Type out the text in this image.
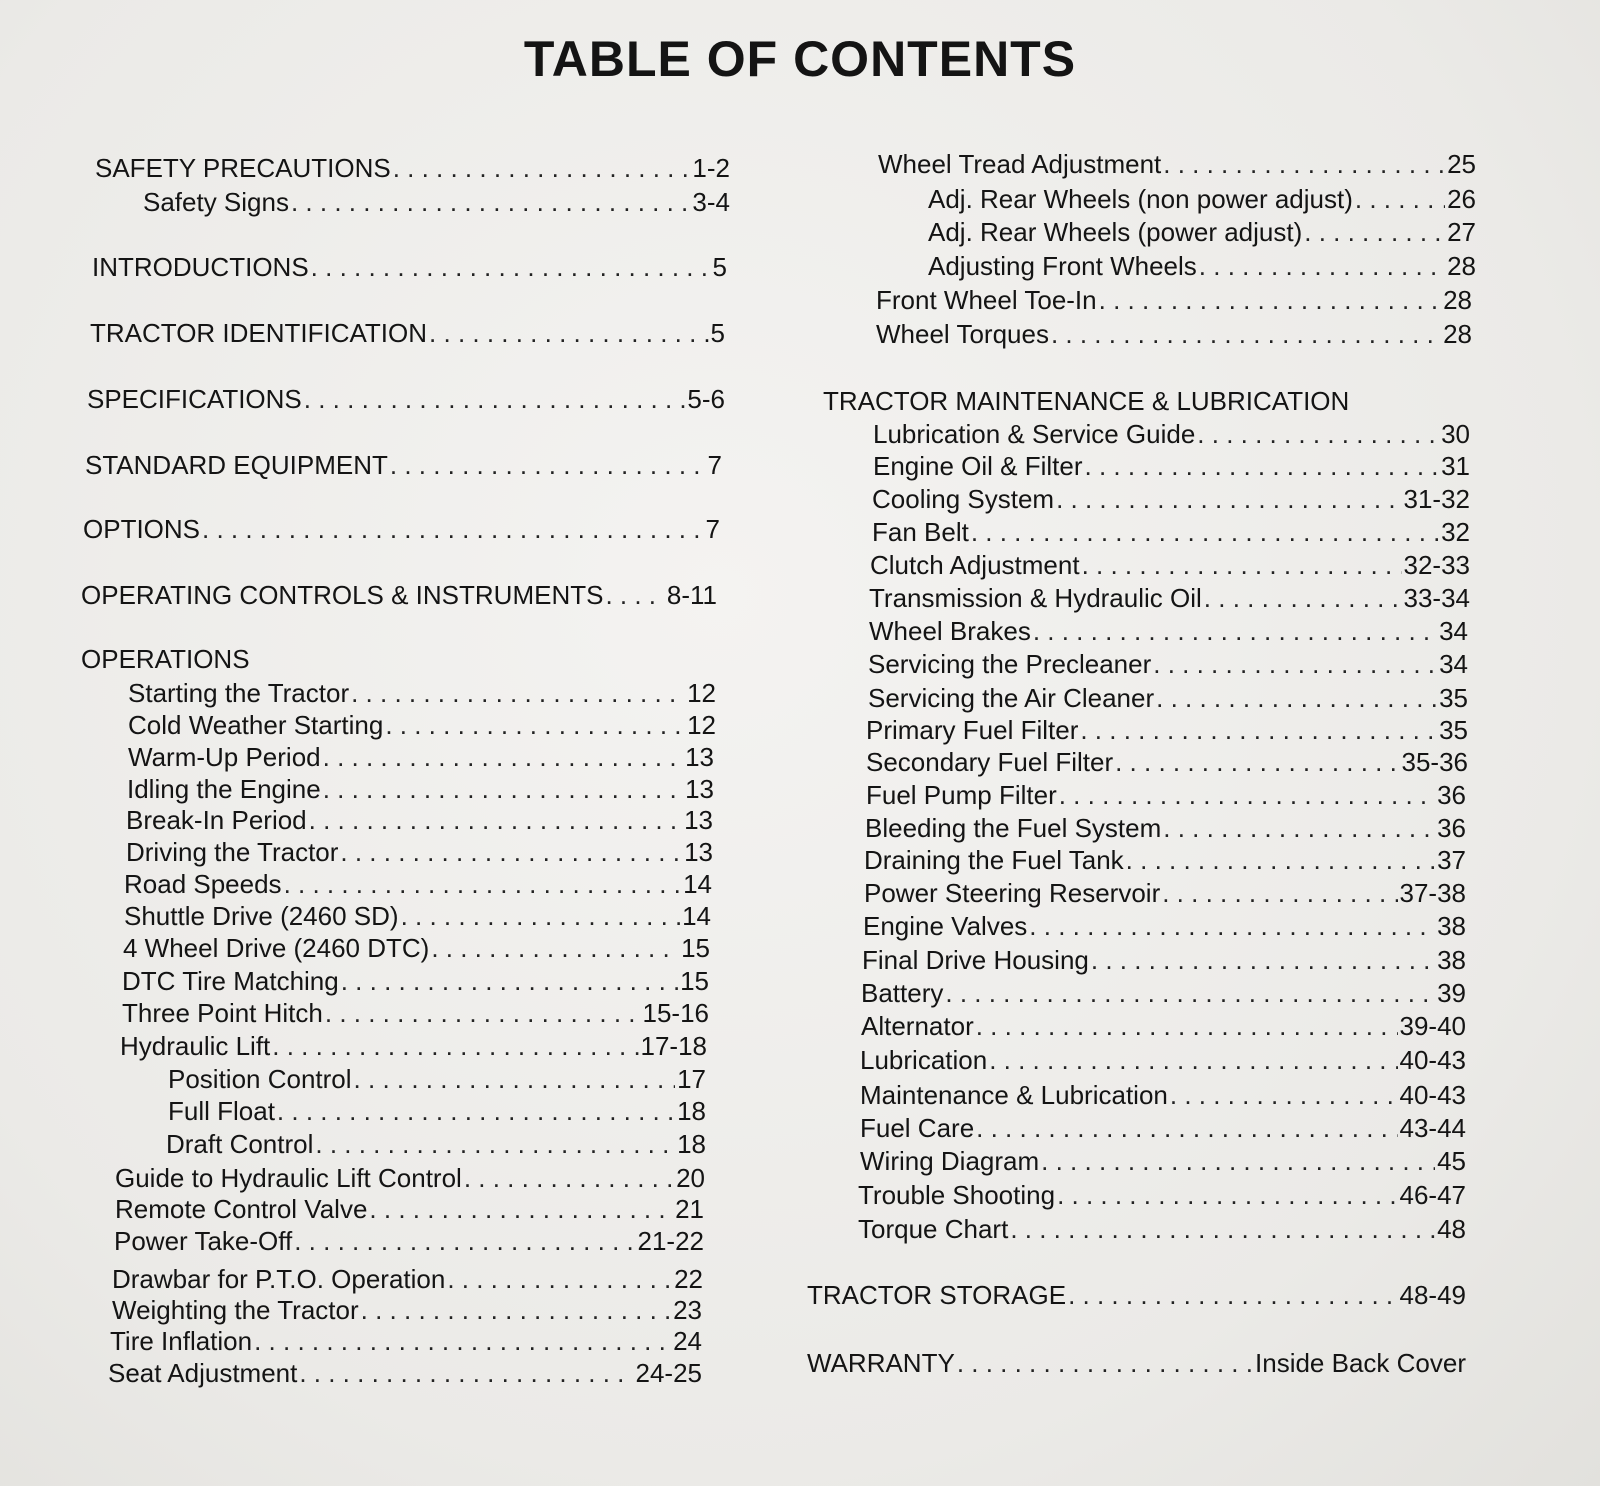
TABLE OF CONTENTS
SAFETY PRECAUTIONS . . .	1-2
Safety Signs . . .	3-4
INTRODUCTIONS . . .	5
TRACTOR IDENTIFICATION . . .	.5
SPECIFICATIONS . . .	5-6
STANDARD EQUIPMENT . . .	7
OPTIONS . . .	7
OPERATING CONTROLS & INSTRUMENTS . . . 8-11
OPERATIONS
Starting the Tractor . . .	12
Cold Weather Starting . . .	12
Warm-Up Period . . .	13
Idling the Engine . . .	13
Break-In Period . . .	13
Driving the Tractor . . .	13
Road Speeds . . .	14
Shuttle Drive (2460 SD) . . .	14
4 Wheel Drive (2460 DTC) . . .	15
DTC Tire Matching . . .	15
Three Point Hitch . . .	15-16
Hydraulic Lift . . .	17-18
Position Control . . .	17
Full Float . . .	18
Draft Control . . .	18
Guide to Hydraulic Lift Control . . .	20
Remote Control Valve . . .	21
Power Take-Off . . .	21-22
Drawbar for P.T.O. Operation . . .	22
Weighting the Tractor . . .	23
Tire Inflation . . .	24
Seat Adjustment . . .	24-25
Wheel Tread Adjustment . . .	25
Adj. Rear Wheels (non power adjust) . . .	26
Adj. Rear Wheels (power adjust) . . .	27
Adjusting Front Wheels . . .	28
Front Wheel Toe-In . . .	28
Wheel Torques . . .	28
TRACTOR MAINTENANCE & LUBRICATION
Lubrication & Service Guide . . .	30
Engine Oil & Filter . . .	31
Cooling System . . .	31-32
Fan Belt . . .	32
Clutch Adjustment . . .	32-33
Transmission & Hydraulic Oil . . .	33-34
Wheel Brakes . . .	34
Servicing the Precleaner . . .	34
Servicing the Air Cleaner . . .	35
Primary Fuel Filter . . .	35
Secondary Fuel Filter . . .	35-36
Fuel Pump Filter . . .	36
Bleeding the Fuel System . . .	36
Draining the Fuel Tank . . .	37
Power Steering Reservoir . . .	37-38
Engine Valves . . .	38
Final Drive Housing . . .	38
Battery . . .	39
Alternator . . .	39-40
Lubrication . . .	40-43
Maintenance & Lubrication . . .	40-43
Fuel Care . . .	43-44
Wiring Diagram . . .	45
Trouble Shooting . . .	46-47
Torque Chart . . .	48
TRACTOR STORAGE . . .	48-49
WARRANTY . . .	Inside Back Cover
